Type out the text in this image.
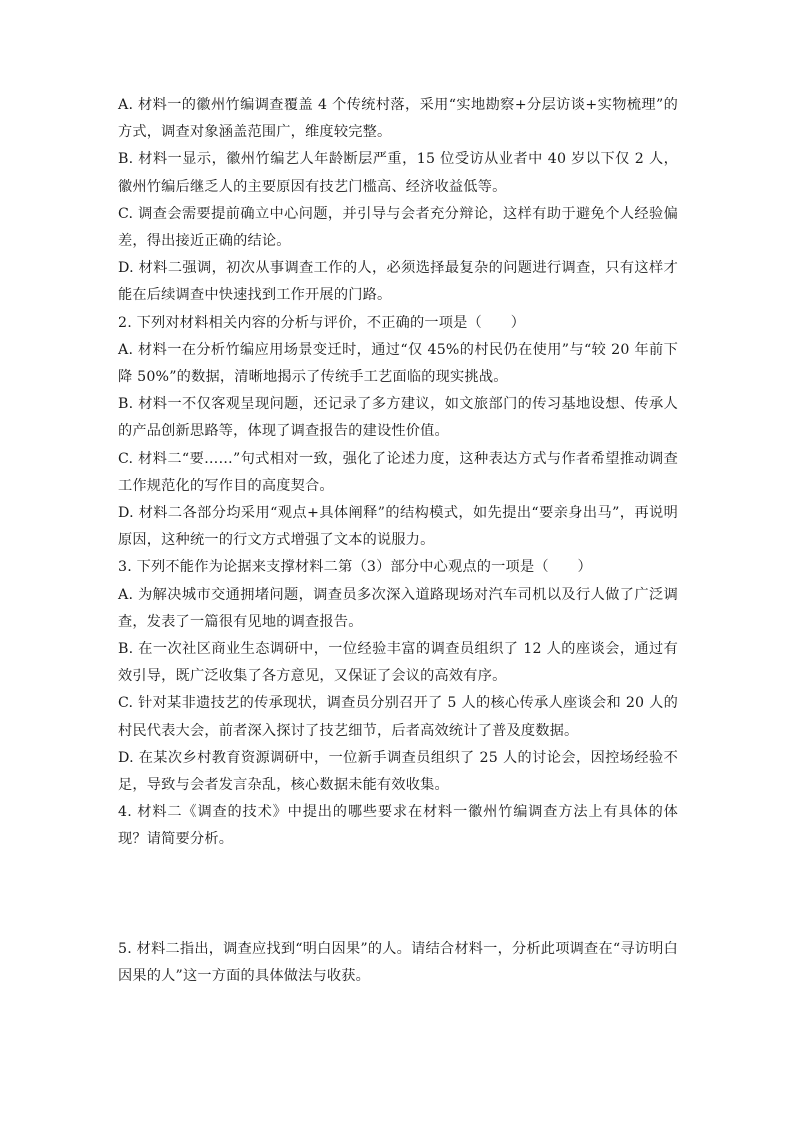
A. 材料一的徽州竹编调查覆盖 4 个传统村落，采用“实地勘察+分层访谈+实物梳理”的方式，调查对象涵盖范围广，维度较完整。

B. 材料一显示，徽州竹编艺人年龄断层严重，15 位受访从业者中 40 岁以下仅 2 人，徽州竹编后继乏人的主要原因有技艺门槛高、经济收益低等。

C. 调查会需要提前确立中心问题，并引导与会者充分辩论，这样有助于避免个人经验偏差，得出接近正确的结论。

D. 材料二强调，初次从事调查工作的人，必须选择最复杂的问题进行调查，只有这样才能在后续调查中快速找到工作开展的门路。

2. 下列对材料相关内容的分析与评价，不正确的一项是（　　）

A. 材料一在分析竹编应用场景变迁时，通过“仅 45%的村民仍在使用”与“较 20 年前下降 50%”的数据，清晰地揭示了传统手工艺面临的现实挑战。

B. 材料一不仅客观呈现问题，还记录了多方建议，如文旅部门的传习基地设想、传承人的产品创新思路等，体现了调查报告的建设性价值。

C. 材料二“要……”句式相对一致，强化了论述力度，这种表达方式与作者希望推动调查工作规范化的写作目的高度契合。

D. 材料二各部分均采用“观点+具体阐释”的结构模式，如先提出“要亲身出马”，再说明原因，这种统一的行文方式增强了文本的说服力。

3. 下列不能作为论据来支撑材料二第（3）部分中心观点的一项是（　　）

A. 为解决城市交通拥堵问题，调查员多次深入道路现场对汽车司机以及行人做了广泛调查，发表了一篇很有见地的调查报告。

B. 在一次社区商业生态调研中，一位经验丰富的调查员组织了 12 人的座谈会，通过有效引导，既广泛收集了各方意见，又保证了会议的高效有序。

C. 针对某非遗技艺的传承现状，调查员分别召开了 5 人的核心传承人座谈会和 20 人的村民代表大会，前者深入探讨了技艺细节，后者高效统计了普及度数据。

D. 在某次乡村教育资源调研中，一位新手调查员组织了 25 人的讨论会，因控场经验不足，导致与会者发言杂乱，核心数据未能有效收集。

4. 材料二《调查的技术》中提出的哪些要求在材料一徽州竹编调查方法上有具体的体现？请简要分析。

5. 材料二指出，调查应找到“明白因果”的人。请结合材料一，分析此项调查在“寻访明白因果的人”这一方面的具体做法与收获。
